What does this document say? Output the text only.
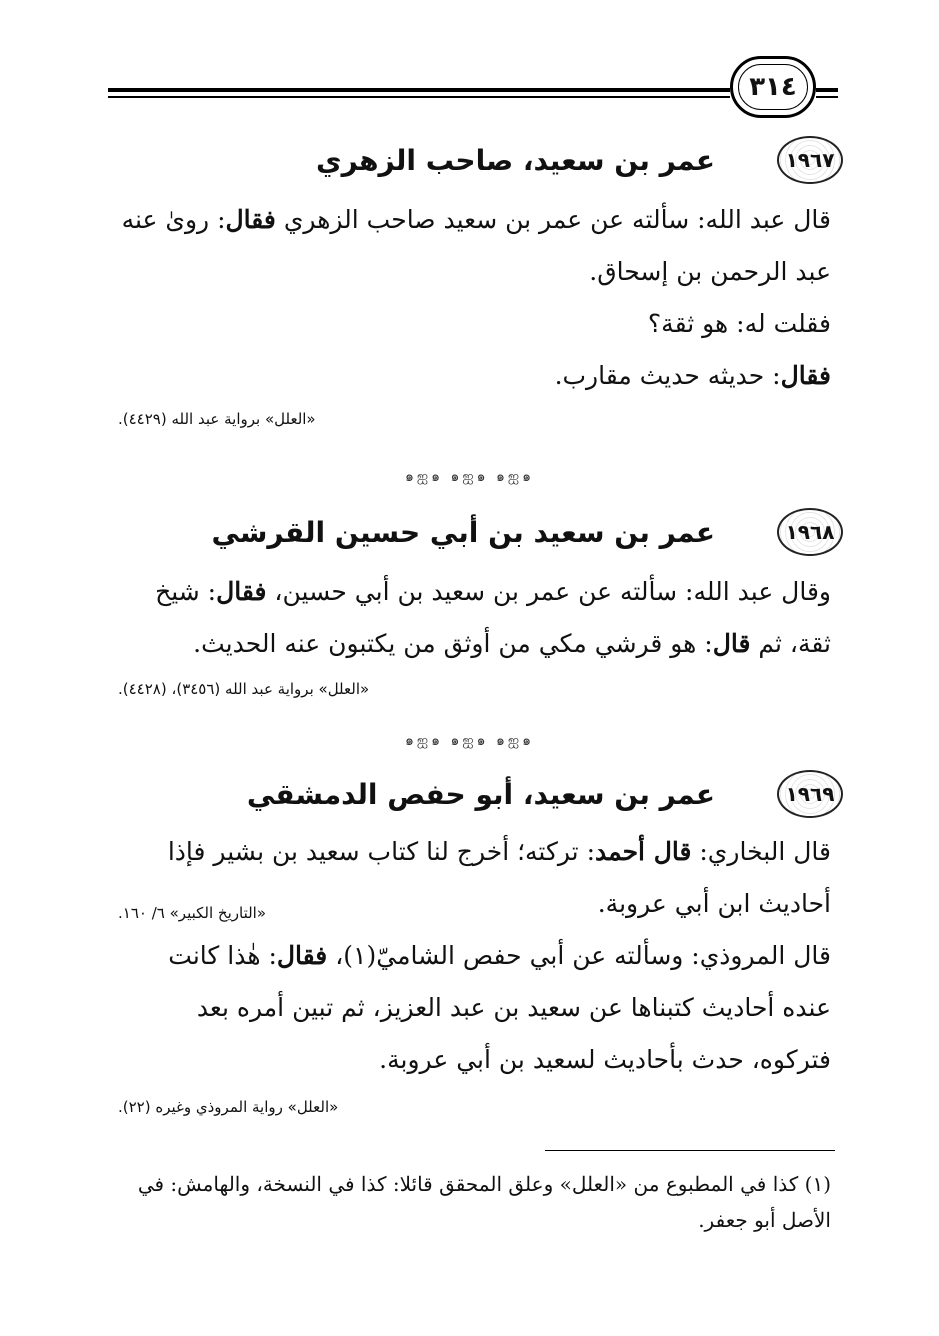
٣١٤
١٩٦٧
عمر بن سعيد، صاحب الزهري
قال عبد الله: سألته عن عمر بن سعيد صاحب الزهري فقال: رویٰ عنه
عبد الرحمن بن إسحاق.
فقلت له: هو ثقة؟
فقال: حديثه حديث مقارب.
«العلل» برواية عبد الله (٤٤٢٩).
๑ஐ๑ ๑ஐ๑ ๑ஐ๑
١٩٦٨
عمر بن سعيد بن أبي حسين القرشي
وقال عبد الله: سألته عن عمر بن سعيد بن أبي حسين، فقال: شيخ
ثقة، ثم قال: هو قرشي مكي من أوثق من يكتبون عنه الحديث.
«العلل» برواية عبد الله (٣٤٥٦)، (٤٤٢٨).
๑ஐ๑ ๑ஐ๑ ๑ஐ๑
١٩٦٩
عمر بن سعيد، أبو حفص الدمشقي
قال البخاري: قال أحمد: تركته؛ أخرج لنا كتاب سعيد بن بشير فإذا
أحاديث ابن أبي عروبة.
قال المروذي: وسألته عن أبي حفص الشاميّ(١)، فقال: هٰذا كانت
عنده أحاديث كتبناها عن سعيد بن عبد العزيز، ثم تبين أمره بعد
فتركوه، حدث بأحاديث لسعيد بن أبي عروبة.
«التاريخ الكبير» ٦/ ١٦٠.
«العلل» رواية المروذي وغيره (٢٢).
(١) كذا في المطبوع من «العلل» وعلق المحقق قائلا: كذا في النسخة، والهامش: في الأصل أبو جعفر.
